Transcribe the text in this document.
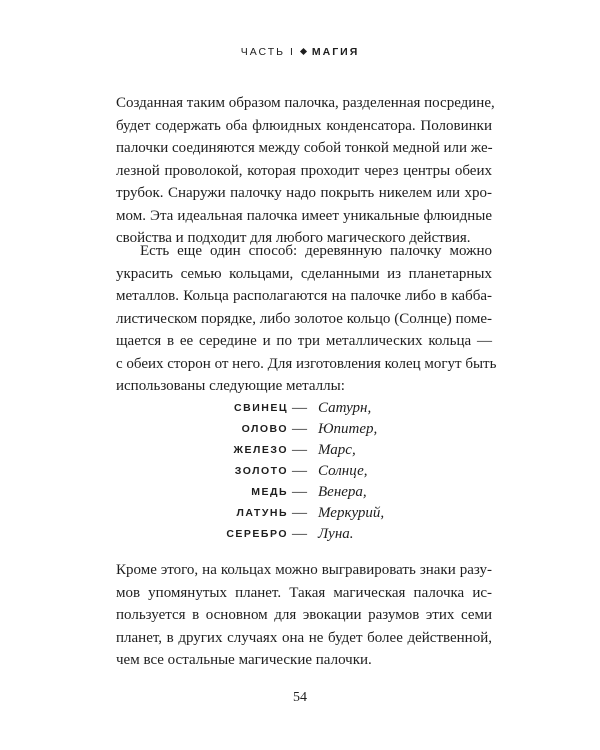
ЧАСТЬ I МАГИЯ
Созданная таким образом палочка, разделенная посредине,
будет содержать оба флюидных конденсатора. Половинки
палочки соединяются между собой тонкой медной или же-
лезной проволокой, которая проходит через центры обеих
трубок. Снаружи палочку надо покрыть никелем или хро-
мом. Эта идеальная палочка имеет уникальные флюидные
свойства и подходит для любого магического действия.
Есть еще один способ: деревянную палочку можно
украсить семью кольцами, сделанными из планетарных
металлов. Кольца располагаются на палочке либо в кабба-
листическом порядке, либо золотое кольцо (Солнце) поме-
щается в ее середине и по три металлических кольца —
с обеих сторон от него. Для изготовления колец могут быть
использованы следующие металлы:
СВИНЕЦ — Сатурн,
ОЛОВО — Юпитер,
ЖЕЛЕЗО — Марс,
ЗОЛОТО — Солнце,
МЕДЬ — Венера,
ЛАТУНЬ — Меркурий,
СЕРЕБРО — Луна.
Кроме этого, на кольцах можно выгравировать знаки разу-
мов упомянутых планет. Такая магическая палочка ис-
пользуется в основном для эвокации разумов этих семи
планет, в других случаях она не будет более действенной,
чем все остальные магические палочки.
54
